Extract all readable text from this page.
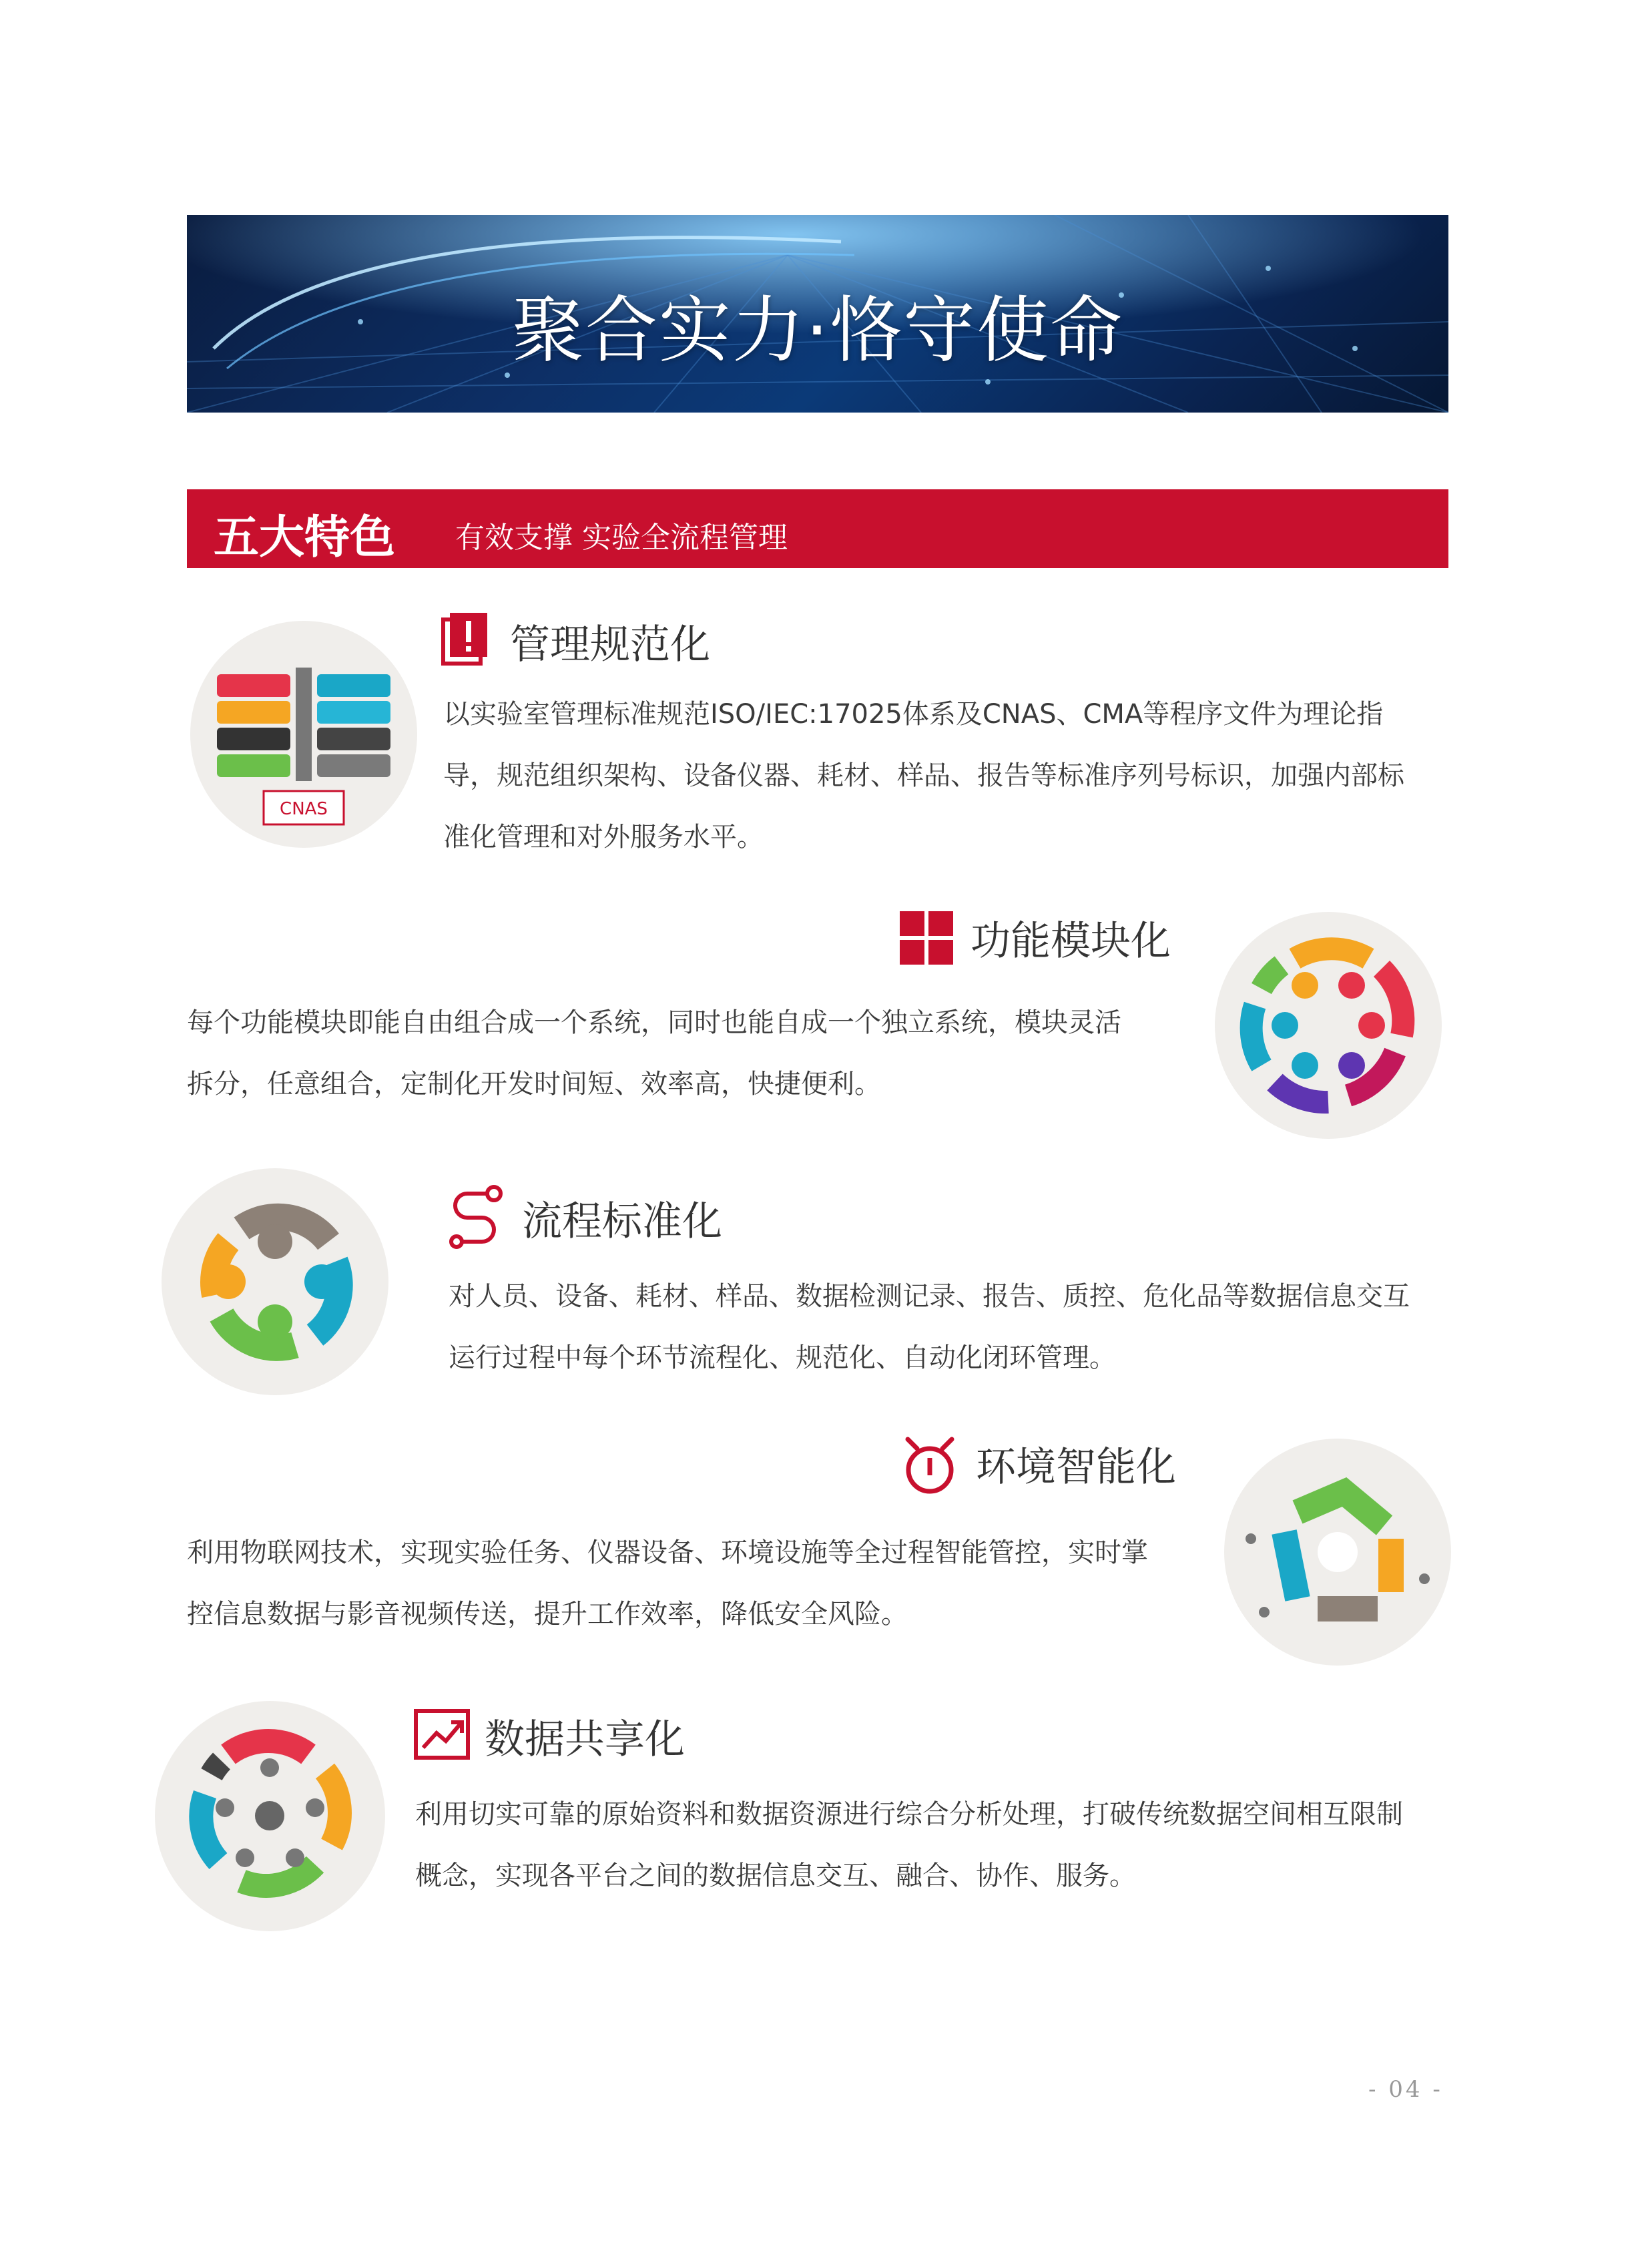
聚合实力·恪守使命
五大特色 有效支撑 实验全流程管理
CNAS
管理规范化
以实验室管理标准规范ISO/IEC:17025体系及CNAS、CMA等程序文件为理论指
导，规范组织架构、设备仪器、耗材、样品、报告等标准序列号标识，加强内部标
准化管理和对外服务水平。
功能模块化
每个功能模块即能自由组合成一个系统，同时也能自成一个独立系统，模块灵活
拆分，任意组合，定制化开发时间短、效率高，快捷便利。
流程标准化
对人员、设备、耗材、样品、数据检测记录、报告、质控、危化品等数据信息交互
运行过程中每个环节流程化、规范化、自动化闭环管理。
环境智能化
利用物联网技术，实现实验任务、仪器设备、环境设施等全过程智能管控，实时掌
控信息数据与影音视频传送，提升工作效率，降低安全风险。
数据共享化
利用切实可靠的原始资料和数据资源进行综合分析处理，打破传统数据空间相互限制
概念，实现各平台之间的数据信息交互、融合、协作、服务。
- 04 -
